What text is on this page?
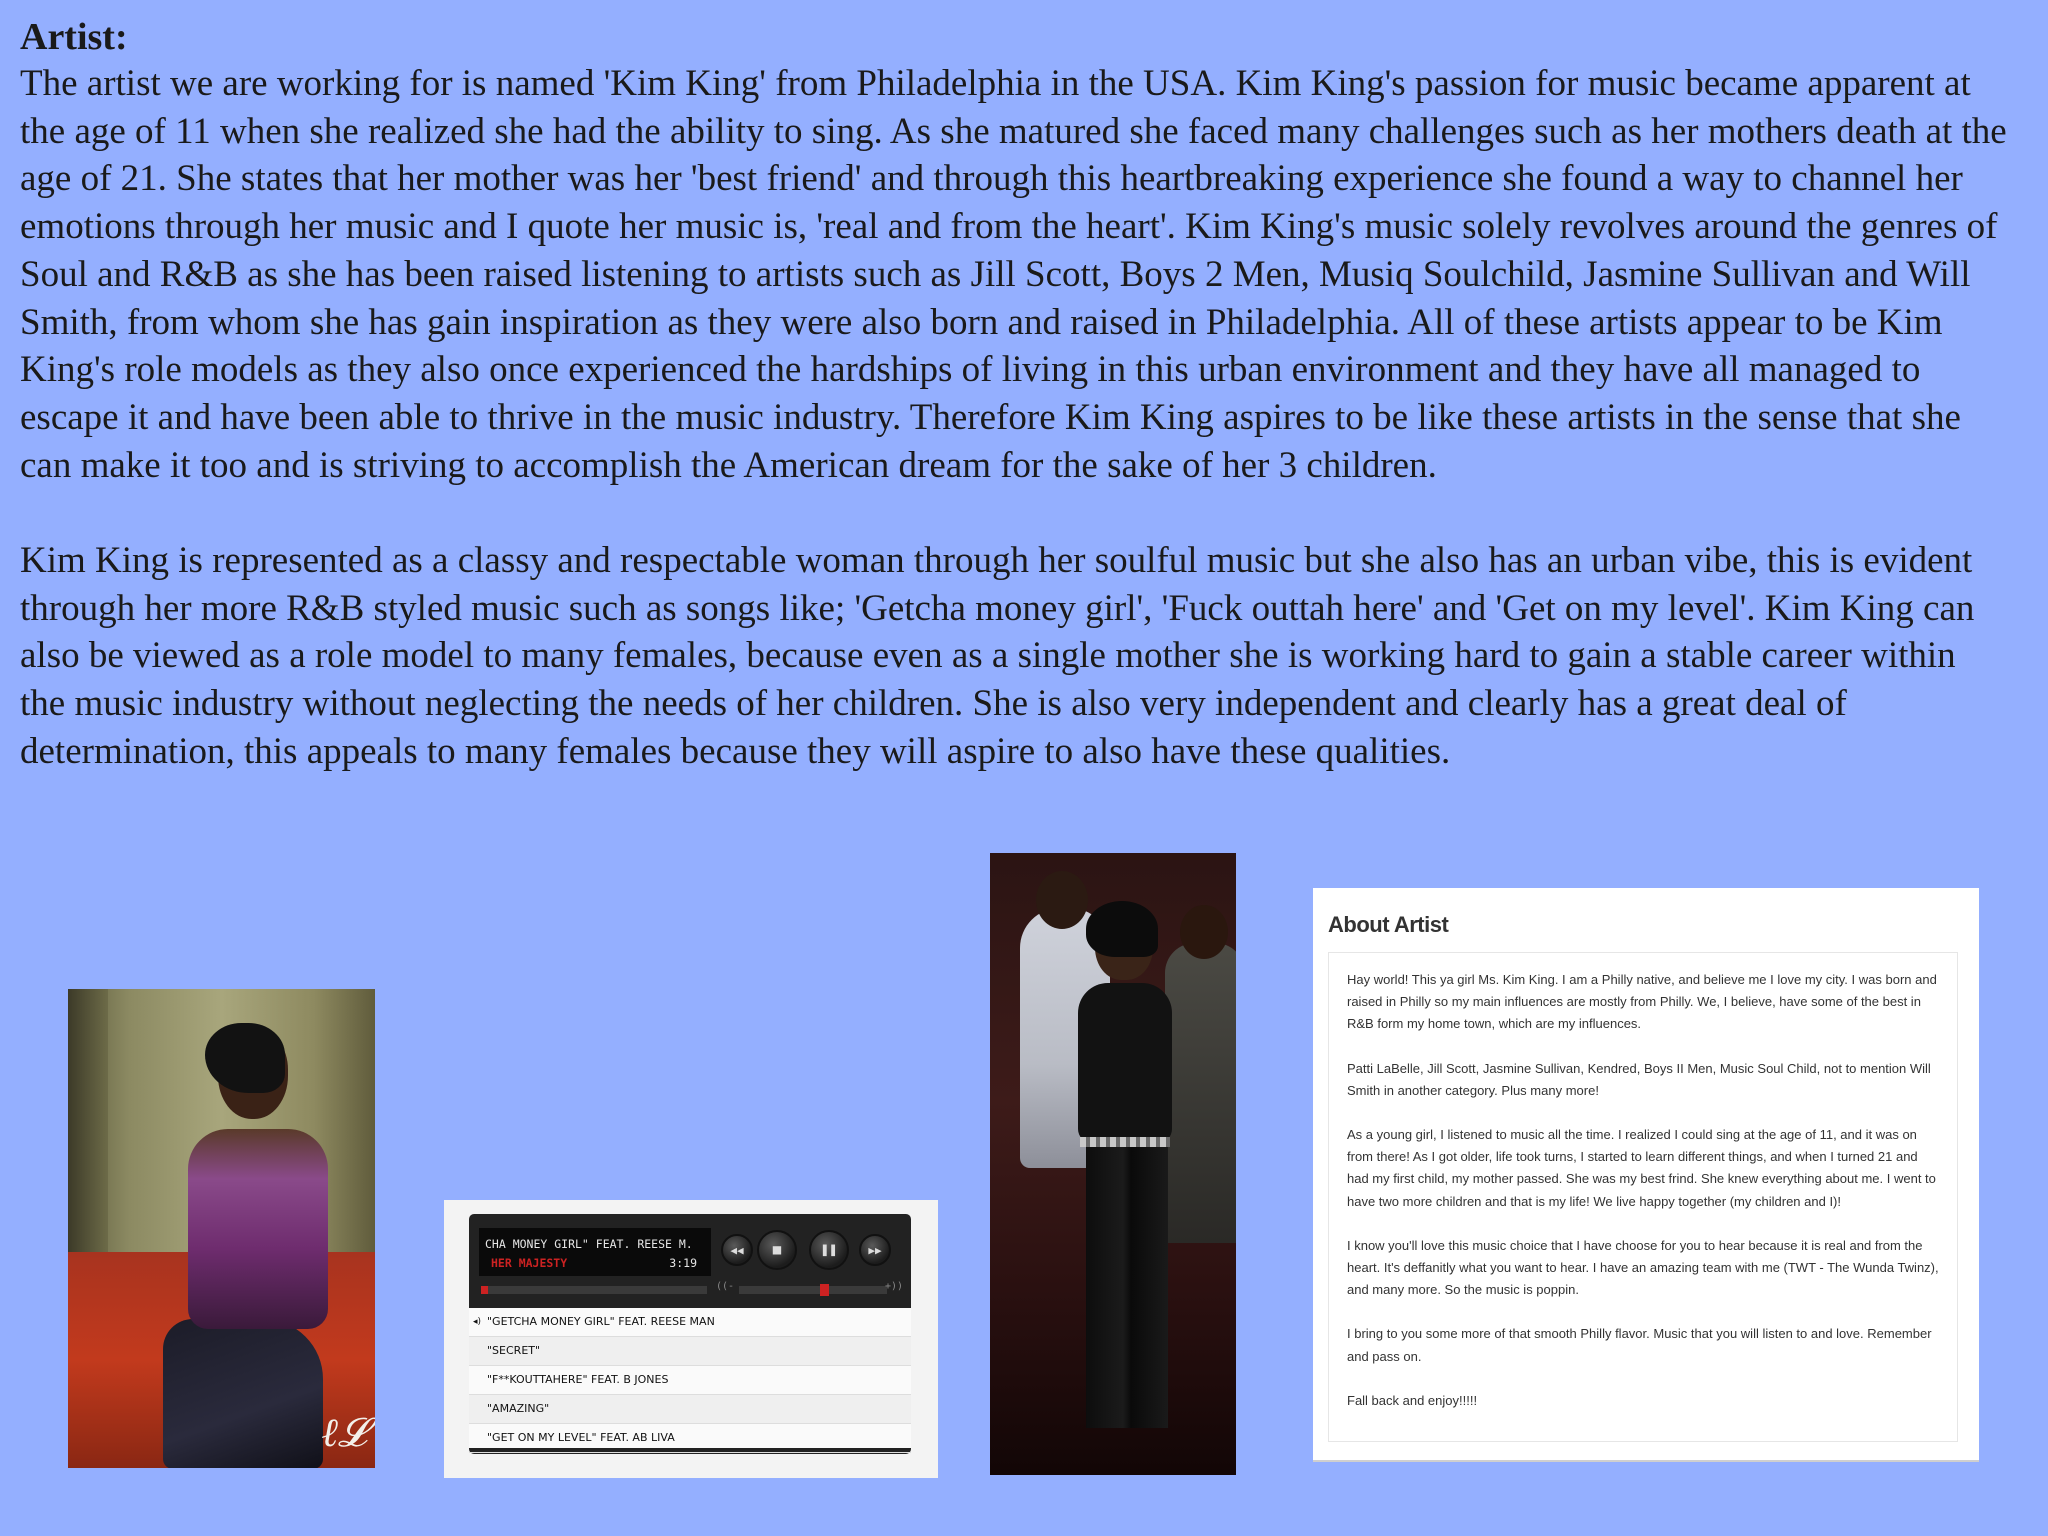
Artist:

The artist we are working for is named 'Kim King' from Philadelphia in the USA. Kim King's passion for music became apparent at the age of 11 when she realized she had the ability to sing. As she matured she faced many challenges such as her mothers death at the age of 21. She states that her mother was her 'best friend' and through this heartbreaking experience she found a way to channel her emotions through her music and I quote her music is, 'real and from the heart'. Kim King's music solely revolves around the genres of Soul and R&B as she has been raised listening to artists such as Jill Scott, Boys 2 Men, Musiq Soulchild, Jasmine Sullivan and Will Smith, from whom she has gain inspiration as they were also born and raised in Philadelphia. All of these artists appear to be Kim King's role models as they also once experienced the hardships of living in this urban environment and they have all managed to escape it and have been able to thrive in the music industry. Therefore Kim King aspires to be like these artists in the sense that she can make it too and is striving to accomplish the American dream for the sake of her 3 children.

Kim King is represented as a classy and respectable woman through her soulful music but she also has an urban vibe, this is evident through her more R&B styled music such as songs like; 'Getcha money girl', 'Fuck outtah here' and 'Get on my level'. Kim King can also be viewed as a role model to many females, because even as a single mother she is working hard to gain a stable career within the music industry without neglecting the needs of her children. She is also very independent and clearly has a great deal of determination, this appeals to many females because they will aspire to also have these qualities.

ℓ𝓛
CHA MONEY GIRL" FEAT. REESE M.
HER MAJESTY	3:19
◀◀ ■	❚❚	▶▶
((-	+))
◂) "GETCHA MONEY GIRL" FEAT. REESE MAN
"SECRET"
"F**KOUTTAHERE" FEAT. B JONES
"AMAZING"
"GET ON MY LEVEL" FEAT. AB LIVA
About Artist

Hay world! This ya girl Ms. Kim King. I am a Philly native, and believe me I love my city. I was born and raised in Philly so my main influences are mostly from Philly. We, I believe, have some of the best in R&B form my home town, which are my influences.

Patti LaBelle, Jill Scott, Jasmine Sullivan, Kendred, Boys II Men, Music Soul Child, not to mention Will Smith in another category. Plus many more!

As a young girl, I listened to music all the time. I realized I could sing at the age of 11, and it was on from there! As I got older, life took turns, I started to learn different things, and when I turned 21 and had my first child, my mother passed. She was my best frind. She knew everything about me. I went to have two more children and that is my life! We live happy together (my children and I)!

I know you'll love this music choice that I have choose for you to hear because it is real and from the heart. It's deffanitly what you want to hear. I have an amazing team with me (TWT - The Wunda Twinz), and many more. So the music is poppin.

I bring to you some more of that smooth Philly flavor. Music that you will listen to and love. Remember and pass on.

Fall back and enjoy!!!!!
